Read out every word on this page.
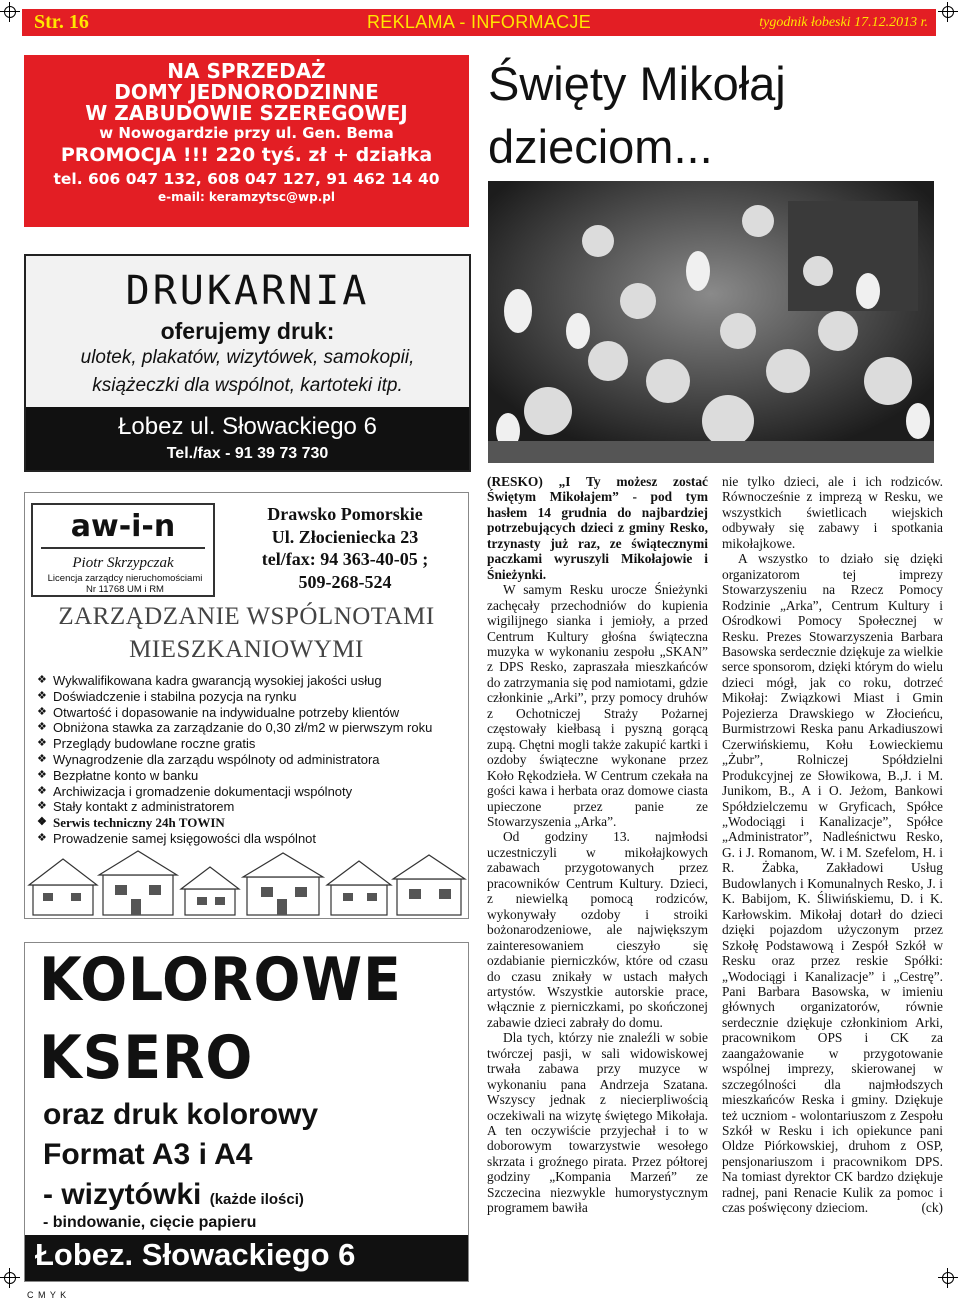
Str. 16	REKLAMA - INFORMACJE	tygodnik łobeski 17.12.2013 r.
NA SPRZEDAŻ
DOMY JEDNORODZINNE
W ZABUDOWIE SZEREGOWEJ
w Nowogardzie przy ul. Gen. Bema
PROMOCJA !!! 220 tyś. zł + działka
tel. 606 047 132, 608 047 127, 91 462 14 40
e-mail: keramzytsc@wp.pl
DRUKARNIA
oferujemy druk:
ulotek, plakatów, wizytówek, samokopii,
książeczki dla wspólnot, kartoteki itp.
Łobez ul. Słowackiego 6
Tel./fax - 91 39 73 730
aw-i-n
Piotr Skrzypczak
Licencja zarządcy nieruchomościami
Nr 11768 UM i RM
Drawsko Pomorskie
Ul. Złocieniecka 23
tel/fax: 94 363-40-05 ;
509-268-524
ZARZĄDZANIE WSPÓLNOTAMI
MIESZKANIOWYMI
❖ Wykwalifikowana kadra gwarancją wysokiej jakości usług
❖ Doświadczenie i stabilna pozycja na rynku
❖ Otwartość i dopasowanie na indywidualne potrzeby klientów
❖ Obniżona stawka za zarządzanie do 0,30 zł/m2 w pierwszym roku
❖ Przeglądy budowlane roczne gratis
❖ Wynagrodzenie dla zarządu wspólnoty od administratora
❖ Bezpłatne konto w banku
❖ Archiwizacja i gromadzenie dokumentacji wspólnoty
❖ Stały kontakt z administratorem
❖ Serwis techniczny 24h TOWIN
❖ Prowadzenie samej księgowości dla wspólnot
KOLOROWE
KSERO
oraz druk kolorowy
Format A3 i A4
- wizytówki (każde ilości)
- bindowanie, cięcie papieru
Łobez. Słowackiego 6
Święty Mikołaj
dzieciom...

(RESKO) „I Ty możesz zostać Świętym Mikołajem” - pod tym hasłem 14 grudnia do najbardziej potrzebujących dzieci z gminy Resko, trzynasty już raz, ze świątecznymi paczkami wyruszyli Mikołajowie i Śnieżynki.

W samym Resku urocze Śnieżynki zachęcały przechodniów do kupienia wigilijnego sianka i jemioły, a przed Centrum Kultury głośna świąteczna muzyka w wykonaniu zespołu „SKAN” z DPS Resko, zapraszała mieszkańców do zatrzymania się pod namiotami, gdzie członkinie „Arki”, przy pomocy druhów z Ochotniczej Straży Pożarnej częstowały kiełbasą i pyszną gorącą zupą. Chętni mogli także zakupić kartki i ozdoby świąteczne wykonane przez Koło Rękodzieła. W Centrum czekała na gości kawa i herbata oraz domowe ciasta upieczone przez panie ze Stowarzyszenia „Arka”.

Od godziny 13. najmłodsi uczestniczyli w mikołajkowych zabawach przygotowanych przez pracowników Centrum Kultury. Dzieci, z niewielką pomocą rodziców, wykonywały ozdoby i stroiki bożonarodzeniowe, ale największym zainteresowaniem cieszyło się ozdabianie pierniczków, które od czasu do czasu znikały w ustach małych artystów. Wszystkie autorskie prace, włącznie z pierniczkami, po skończonej zabawie dzieci zabrały do domu.

Dla tych, którzy nie znaleźli w sobie twórczej pasji, w sali widowiskowej trwała zabawa przy muzyce w wykonaniu pana Andrzeja Szatana. Wszyscy jednak z niecierpliwością oczekiwali na wizytę świętego Mikołaja. A ten oczywiście przyjechał i to w doborowym towarzystwie wesołego skrzata i groźnego pirata. Przez półtorej godziny „Kompania Marzeń” ze Szczecina niezwykle humorystycznym programem bawiła

nie tylko dzieci, ale i ich rodziców. Równocześnie z imprezą w Resku, we wszystkich świetlicach wiejskich odbywały się zabawy i spotkania mikołajkowe.

A wszystko to działo się dzięki organizatorom tej imprezy Stowarzyszeniu na Rzecz Pomocy Rodzinie „Arka”, Centrum Kultury i Ośrodkowi Pomocy Społecznej w Resku. Prezes Stowarzyszenia Barbara Basowska serdecznie dziękuje za wielkie serce sponsorom, dzięki którym do wielu dzieci mógł, jak co roku, dotrzeć Mikołaj: Związkowi Miast i Gmin Pojezierza Drawskiego w Złocieńcu, Burmistrzowi Reska panu Arkadiuszowi Czerwińskiemu, Kołu Łowieckiemu „Żubr”, Rolniczej Spółdzielni Produkcyjnej ze Słowikowa, B.,J. i M. Junikom, B., A i O. Jeżom, Bankowi Spółdzielczemu w Gryficach, Spółce „Wodociągi i Kanalizacje”, Spółce „Administrator”, Nadleśnictwu Resko, G. i J. Romanom, W. i M. Szefelom, H. i R. Żabka, Zakładowi Usług Budowlanych i Komunalnych Resko, J. i K. Babijom, K. Śliwińskiemu, D. i K. Karłowskim. Mikołaj dotarł do dzieci dzięki pojazdom użyczonym przez Szkołę Podstawową i Zespół Szkół w Resku oraz przez reskie Spółki: „Wodociągi i Kanalizacje” i „Cestrę”. Pani Barbara Basowska, w imieniu głównych organizatorów, równie serdecznie dziękuje członkiniom Arki, pracownikom OPS i CK za zaangażowanie w przygotowanie wspólnej imprezy, skierowanej w szczególności dla najmłodszych mieszkańców Reska i gminy. Dziękuje też uczniom - wolontariuszom z Zespołu Szkół w Resku i ich opiekunce pani Oldze Piórkowskiej, druhom z OSP, pensjonariuszom i pracownikom DPS. Na tomiast dyrektor CK bardzo dziękuje radnej, pani Renacie Kulik za pomoc i czas poświęcony dzieciom.	(ck)

C M Y K
